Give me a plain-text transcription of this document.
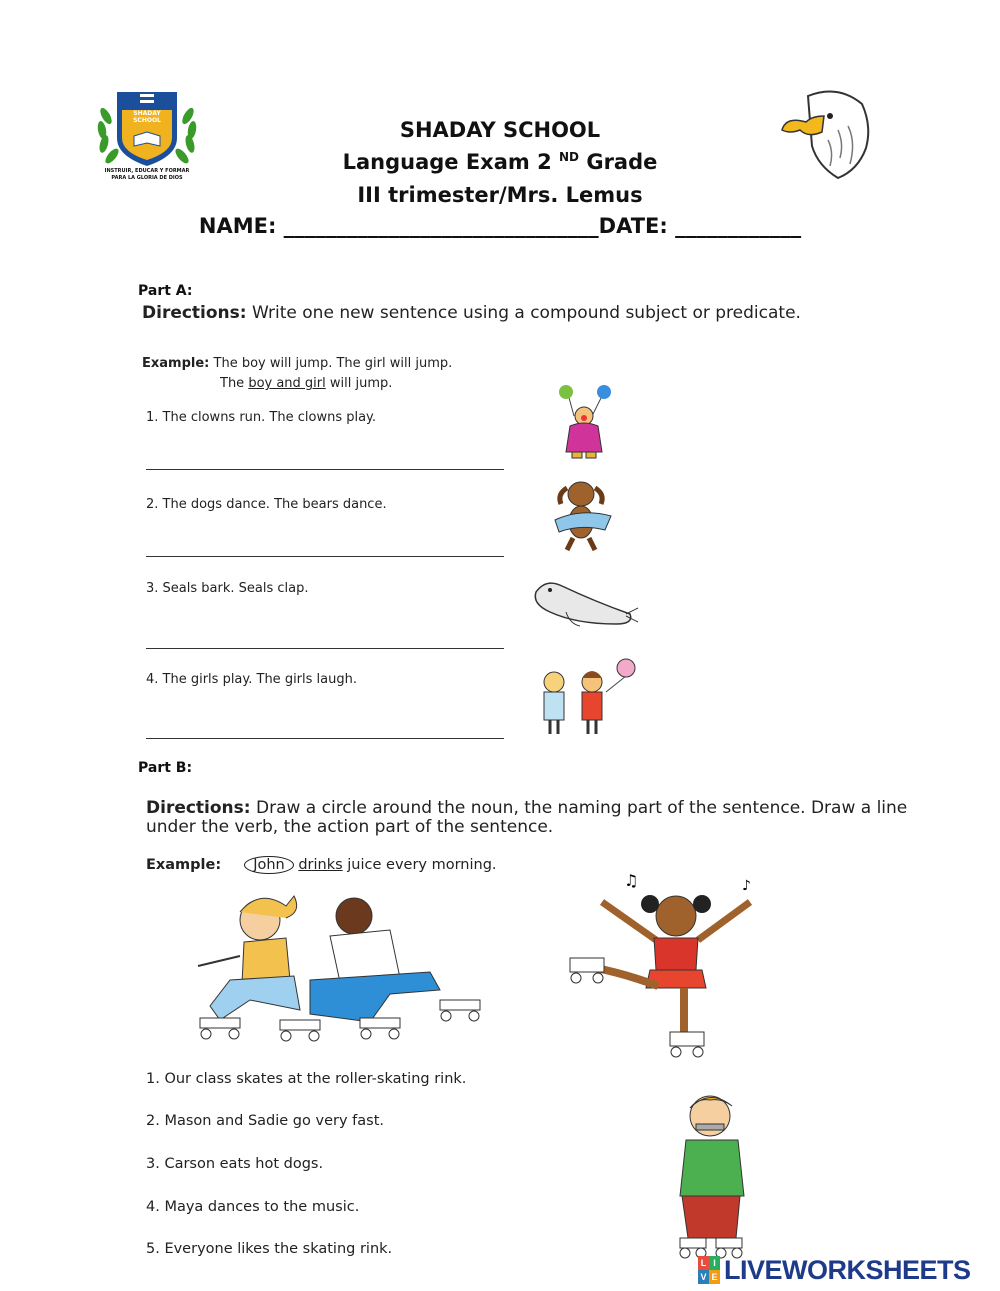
SHADAY SCHOOL
INSTRUIR, EDUCAR Y FORMAR
PARA LA GLORIA DE DIOS
SHADAY SCHOOL
Language Exam 2 $^{ND}$ Grade
III trimester/Mrs. Lemus
NAME: ______________________________DATE: ____________
Part A:
Directions: Write one new sentence using a compound subject or predicate.
Example: The boy will jump. The girl will jump.
The boy and girl will jump.
1. The clowns run. The clowns play.
2. The dogs dance. The bears dance.
3. Seals bark. Seals clap.
4. The girls play. The girls laugh.
Part B:
Directions: Draw a circle around the noun, the naming part of the sentence. Draw a line under the verb, the action part of the sentence.
Example: John drinks juice every morning.
♫	♪
1. Our class skates at the roller-skating rink.
2. Mason and Sadie go very fast.
3. Carson eats hot dogs.
4. Maya dances to the music.
5. Everyone likes the skating rink.
L I
V E LIVEWORKSHEETS
